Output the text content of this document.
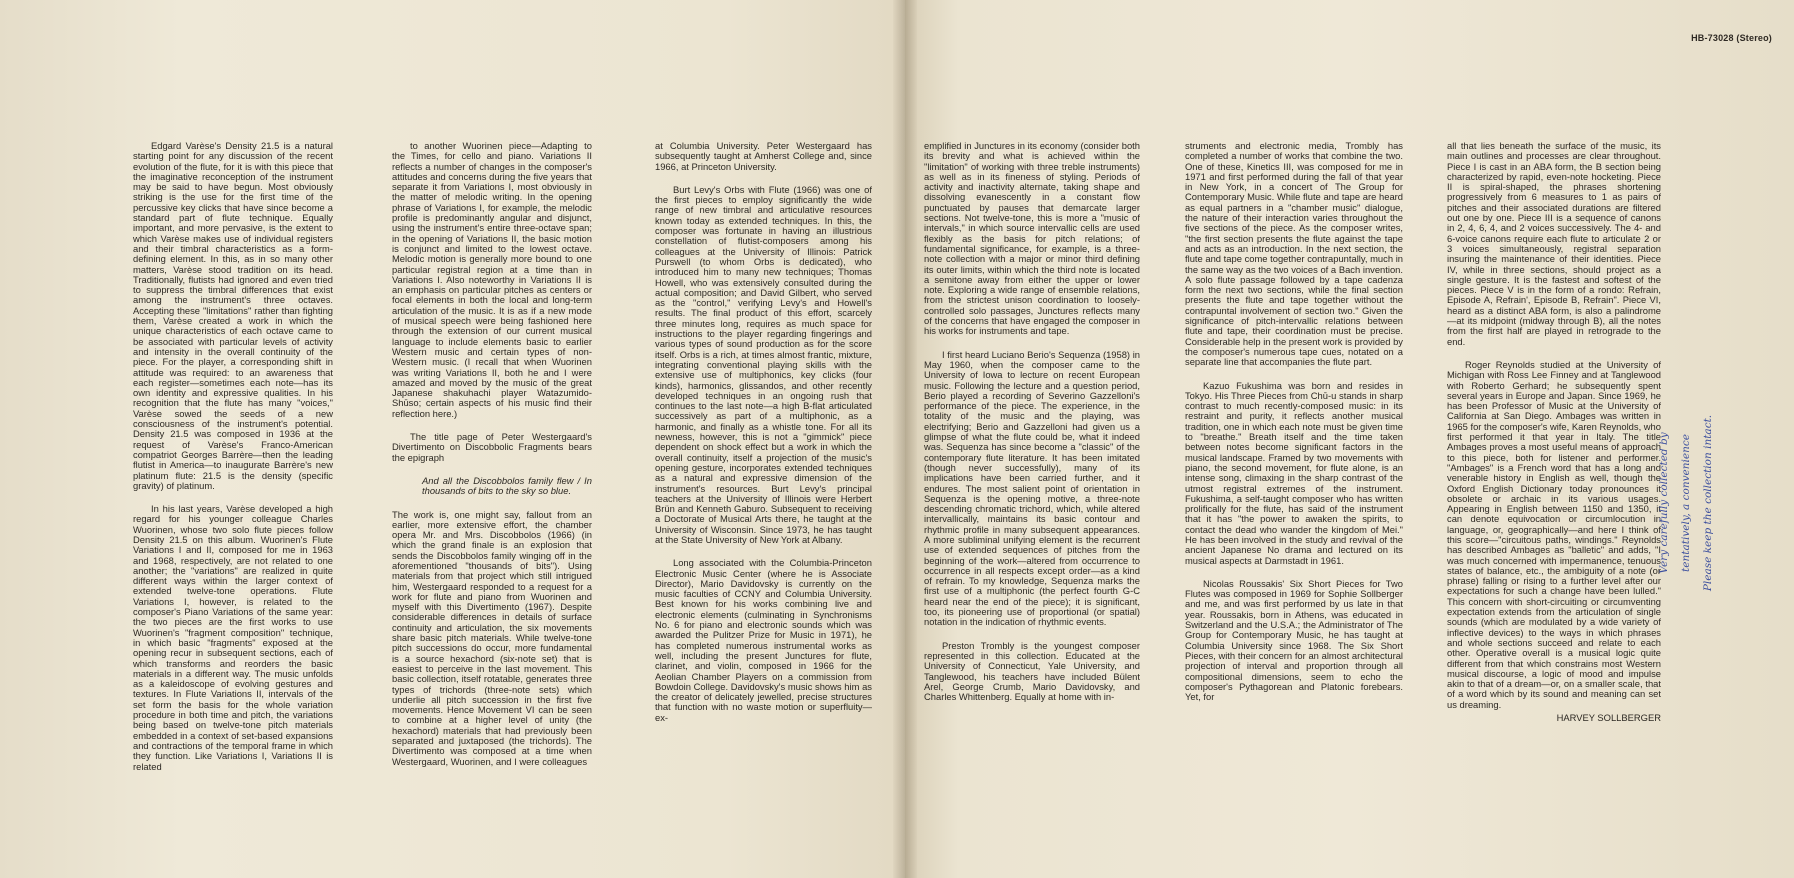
HB-73028 (Stereo)

Edgard Varèse's Density 21.5 is a natural starting point for any discussion of the recent evolution of the flute, for it is with this piece that the imaginative reconception of the instrument may be said to have begun. Most obviously striking is the use for the first time of the percussive key clicks that have since become a standard part of flute technique. Equally important, and more pervasive, is the extent to which Varèse makes use of individual registers and their timbral characteristics as a form-defining element. In this, as in so many other matters, Varèse stood tradition on its head. Traditionally, flutists had ignored and even tried to suppress the timbral differences that exist among the instrument's three octaves. Accepting these "limitations" rather than fighting them, Varèse created a work in which the unique characteristics of each octave came to be associated with particular levels of activity and intensity in the overall continuity of the piece. For the player, a corresponding shift in attitude was required: to an awareness that each register—sometimes each note—has its own identity and expressive qualities. In his recognition that the flute has many "voices," Varèse sowed the seeds of a new consciousness of the instrument's potential. Density 21.5 was composed in 1936 at the request of Varèse's Franco-American compatriot Georges Barrère—then the leading flutist in America—to inaugurate Barrère's new platinum flute: 21.5 is the density (specific gravity) of platinum.

In his last years, Varèse developed a high regard for his younger colleague Charles Wuorinen, whose two solo flute pieces follow Density 21.5 on this album. Wuorinen's Flute Variations I and II, composed for me in 1963 and 1968, respectively, are not related to one another; the "variations" are realized in quite different ways within the larger context of extended twelve-tone operations. Flute Variations I, however, is related to the composer's Piano Variations of the same year: the two pieces are the first works to use Wuorinen's "fragment composition" technique, in which basic "fragments" exposed at the opening recur in subsequent sections, each of which transforms and reorders the basic materials in a different way. The music unfolds as a kaleidoscope of evolving gestures and textures. In Flute Variations II, intervals of the set form the basis for the whole variation procedure in both time and pitch, the variations being based on twelve-tone pitch materials embedded in a context of set-based expansions and contractions of the temporal frame in which they function. Like Variations I, Variations II is related

to another Wuorinen piece—Adapting to the Times, for cello and piano. Variations II reflects a number of changes in the composer's attitudes and concerns during the five years that separate it from Variations I, most obviously in the matter of melodic writing. In the opening phrase of Variations I, for example, the melodic profile is predominantly angular and disjunct, using the instrument's entire three-octave span; in the opening of Variations II, the basic motion is conjunct and limited to the lowest octave. Melodic motion is generally more bound to one particular registral region at a time than in Variations I. Also noteworthy in Variations II is an emphasis on particular pitches as centers or focal elements in both the local and long-term articulation of the music. It is as if a new mode of musical speech were being fashioned here through the extension of our current musical language to include elements basic to earlier Western music and certain types of non-Western music. (I recall that when Wuorinen was writing Variations II, both he and I were amazed and moved by the music of the great Japanese shakuhachi player Watazumido-Shūso; certain aspects of his music find their reflection here.)

The title page of Peter Westergaard's Divertimento on Discobbolic Fragments bears the epigraph

And all the Discobbolos family flew / In thousands of bits to the sky so blue.

The work is, one might say, fallout from an earlier, more extensive effort, the chamber opera Mr. and Mrs. Discobbolos (1966) (in which the grand finale is an explosion that sends the Discobbolos family winging off in the aforementioned "thousands of bits"). Using materials from that project which still intrigued him, Westergaard responded to a request for a work for flute and piano from Wuorinen and myself with this Divertimento (1967). Despite considerable differences in details of surface continuity and articulation, the six movements share basic pitch materials. While twelve-tone pitch successions do occur, more fundamental is a source hexachord (six-note set) that is easiest to perceive in the last movement. This basic collection, itself rotatable, generates three types of trichords (three-note sets) which underlie all pitch succession in the first five movements. Hence Movement VI can be seen to combine at a higher level of unity (the hexachord) materials that had previously been separated and juxtaposed (the trichords). The Divertimento was composed at a time when Westergaard, Wuorinen, and I were colleagues

at Columbia University. Peter Westergaard has subsequently taught at Amherst College and, since 1966, at Princeton University.

Burt Levy's Orbs with Flute (1966) was one of the first pieces to employ significantly the wide range of new timbral and articulative resources known today as extended techniques. In this, the composer was fortunate in having an illustrious constellation of flutist-composers among his colleagues at the University of Illinois: Patrick Purswell (to whom Orbs is dedicated), who introduced him to many new techniques; Thomas Howell, who was extensively consulted during the actual composition; and David Gilbert, who served as the "control," verifying Levy's and Howell's results. The final product of this effort, scarcely three minutes long, requires as much space for instructions to the player regarding fingerings and various types of sound production as for the score itself. Orbs is a rich, at times almost frantic, mixture, integrating conventional playing skills with the extensive use of multiphonics, key clicks (four kinds), harmonics, glissandos, and other recently developed techniques in an ongoing rush that continues to the last note—a high B-flat articulated successively as part of a multiphonic, as a harmonic, and finally as a whistle tone. For all its newness, however, this is not a "gimmick" piece dependent on shock effect but a work in which the overall continuity, itself a projection of the music's opening gesture, incorporates extended techniques as a natural and expressive dimension of the instrument's resources. Burt Levy's principal teachers at the University of Illinois were Herbert Brün and Kenneth Gaburo. Subsequent to receiving a Doctorate of Musical Arts there, he taught at the University of Wisconsin. Since 1973, he has taught at the State University of New York at Albany.

Long associated with the Columbia-Princeton Electronic Music Center (where he is Associate Director), Mario Davidovsky is currently on the music faculties of CCNY and Columbia University. Best known for his works combining live and electronic elements (culminating in Synchronisms No. 6 for piano and electronic sounds which was awarded the Pulitzer Prize for Music in 1971), he has completed numerous instrumental works as well, including the present Junctures for flute, clarinet, and violin, composed in 1966 for the Aeolian Chamber Players on a commission from Bowdoin College. Davidovsky's music shows him as the creator of delicately jewelled, precise structures that function with no waste motion or superfluity—ex-

emplified in Junctures in its economy (consider both its brevity and what is achieved within the "limitation" of working with three treble instruments) as well as in its fineness of styling. Periods of activity and inactivity alternate, taking shape and dissolving evanescently in a constant flow punctuated by pauses that demarcate larger sections. Not twelve-tone, this is more a "music of intervals," in which source intervallic cells are used flexibly as the basis for pitch relations; of fundamental significance, for example, is a three-note collection with a major or minor third defining its outer limits, within which the third note is located a semitone away from either the upper or lower note. Exploring a wide range of ensemble relations, from the strictest unison coordination to loosely-controlled solo passages, Junctures reflects many of the concerns that have engaged the composer in his works for instruments and tape.

I first heard Luciano Berio's Sequenza (1958) in May 1960, when the composer came to the University of Iowa to lecture on recent European music. Following the lecture and a question period, Berio played a recording of Severino Gazzelloni's performance of the piece. The experience, in the totality of the music and the playing, was electrifying; Berio and Gazzelloni had given us a glimpse of what the flute could be, what it indeed was. Sequenza has since become a "classic" of the contemporary flute literature. It has been imitated (though never successfully), many of its implications have been carried further, and it endures. The most salient point of orientation in Sequenza is the opening motive, a three-note descending chromatic trichord, which, while altered intervallically, maintains its basic contour and rhythmic profile in many subsequent appearances. A more subliminal unifying element is the recurrent use of extended sequences of pitches from the beginning of the work—altered from occurrence to occurrence in all respects except order—as a kind of refrain. To my knowledge, Sequenza marks the first use of a multiphonic (the perfect fourth G-C heard near the end of the piece); it is significant, too, its pioneering use of proportional (or spatial) notation in the indication of rhythmic events.

Preston Trombly is the youngest composer represented in this collection. Educated at the University of Connecticut, Yale University, and Tanglewood, his teachers have included Bülent Arel, George Crumb, Mario Davidovsky, and Charles Whittenberg. Equally at home with in-

struments and electronic media, Trombly has completed a number of works that combine the two. One of these, Kinetics III, was composed for me in 1971 and first performed during the fall of that year in New York, in a concert of The Group for Contemporary Music. While flute and tape are heard as equal partners in a "chamber music" dialogue, the nature of their interaction varies throughout the five sections of the piece. As the composer writes, "the first section presents the flute against the tape and acts as an introduction. In the next section, the flute and tape come together contrapuntally, much in the same way as the two voices of a Bach invention. A solo flute passage followed by a tape cadenza form the next two sections, while the final section presents the flute and tape together without the contrapuntal involvement of section two." Given the significance of pitch-intervallic relations between flute and tape, their coordination must be precise. Considerable help in the present work is provided by the composer's numerous tape cues, notated on a separate line that accompanies the flute part.

Kazuo Fukushima was born and resides in Tokyo. His Three Pieces from Chū-u stands in sharp contrast to much recently-composed music: in its restraint and purity, it reflects another musical tradition, one in which each note must be given time to "breathe." Breath itself and the time taken between notes become significant factors in the musical landscape. Framed by two movements with piano, the second movement, for flute alone, is an intense song, climaxing in the sharp contrast of the utmost registral extremes of the instrument. Fukushima, a self-taught composer who has written prolifically for the flute, has said of the instrument that it has "the power to awaken the spirits, to contact the dead who wander the kingdom of Mei." He has been involved in the study and revival of the ancient Japanese No drama and lectured on its musical aspects at Darmstadt in 1961.

Nicolas Roussakis' Six Short Pieces for Two Flutes was composed in 1969 for Sophie Sollberger and me, and was first performed by us late in that year. Roussakis, born in Athens, was educated in Switzerland and the U.S.A.; the Administrator of The Group for Contemporary Music, he has taught at Columbia University since 1968. The Six Short Pieces, with their concern for an almost architectural projection of interval and proportion through all compositional dimensions, seem to echo the composer's Pythagorean and Platonic forebears. Yet, for

all that lies beneath the surface of the music, its main outlines and processes are clear throughout. Piece I is cast in an ABA form, the B section being characterized by rapid, even-note hocketing. Piece II is spiral-shaped, the phrases shortening progressively from 6 measures to 1 as pairs of pitches and their associated durations are filtered out one by one. Piece III is a sequence of canons in 2, 4, 6, 4, and 2 voices successively. The 4- and 6-voice canons require each flute to articulate 2 or 3 voices simultaneously, registral separation insuring the maintenance of their identities. Piece IV, while in three sections, should project as a single gesture. It is the fastest and softest of the pieces. Piece V is in the form of a rondo: Refrain, Episode A, Refrain', Episode B, Refrain". Piece VI, heard as a distinct ABA form, is also a palindrome—at its midpoint (midway through B), all the notes from the first half are played in retrograde to the end.

Roger Reynolds studied at the University of Michigan with Ross Lee Finney and at Tanglewood with Roberto Gerhard; he subsequently spent several years in Europe and Japan. Since 1969, he has been Professor of Music at the University of California at San Diego. Ambages was written in 1965 for the composer's wife, Karen Reynolds, who first performed it that year in Italy. The title Ambages proves a most useful means of approach to this piece, both for listener and performer. "Ambages" is a French word that has a long and venerable history in English as well, though the Oxford English Dictionary today pronounces it obsolete or archaic in its various usages. Appearing in English between 1150 and 1350, it can denote equivocation or circumlocution in language, or, geographically—and here I think of this score—"circuitous paths, windings." Reynolds has described Ambages as "balletic" and adds, "I was much concerned with impermanence, tenuous states of balance, etc., the ambiguity of a note (or phrase) falling or rising to a further level after our expectations for such a change have been lulled." This concern with short-circuiting or circumventing expectation extends from the articulation of single sounds (which are modulated by a wide variety of inflective devices) to the ways in which phrases and whole sections succeed and relate to each other. Operative overall is a musical logic quite different from that which constrains most Western musical discourse, a logic of mood and impulse akin to that of a dream—or, on a smaller scale, that of a word which by its sound and meaning can set us dreaming.

HARVEY SOLLBERGER

Very carefully collected by tentatively, a convenience Please keep the collection intact.
